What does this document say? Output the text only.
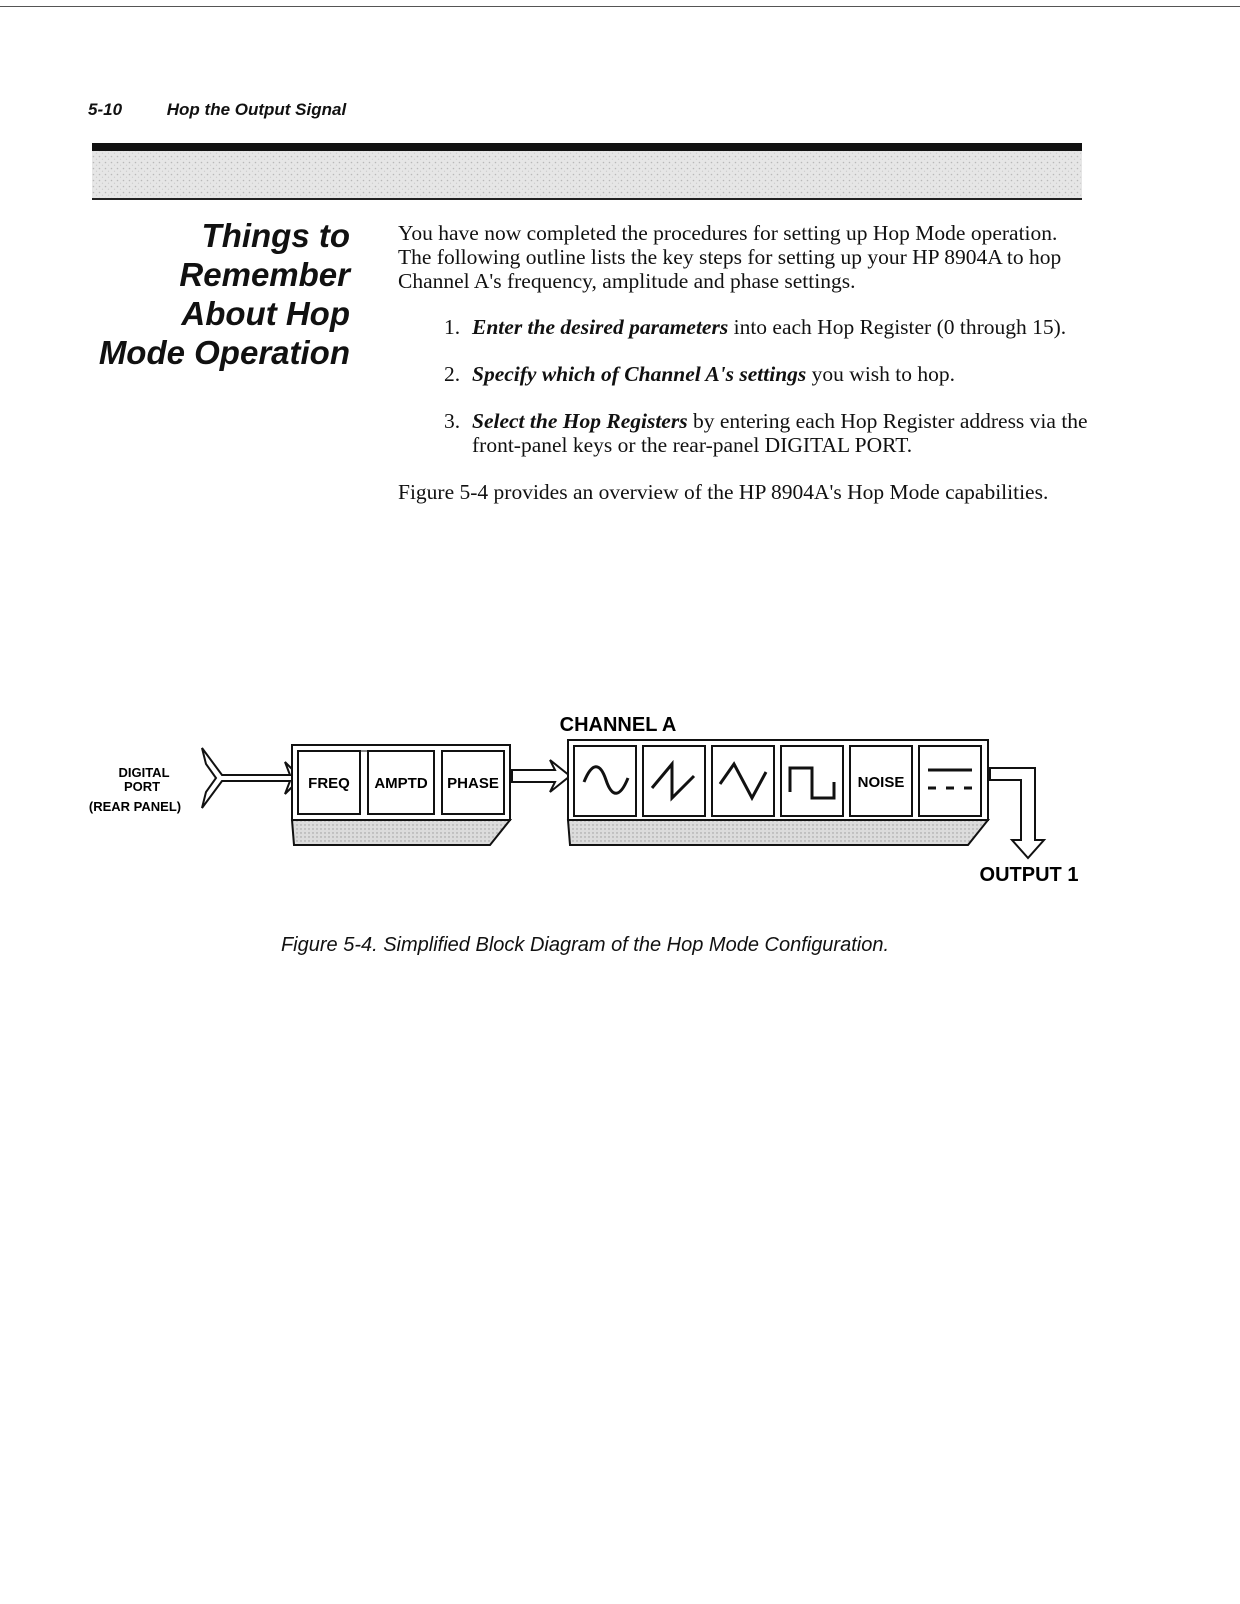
5-10	Hop the Output Signal
Things to
Remember
About Hop
Mode Operation

You have now completed the procedures for setting up Hop Mode operation. The following outline lists the key steps for setting up your HP 8904A to hop Channel A's frequency, amplitude and phase settings.

1. Enter the desired parameters into each Hop Register (0 through 15).
2. Specify which of Channel A's settings you wish to hop.
3. Select the Hop Registers by entering each Hop Register address via the front-panel keys or the rear-panel DIGITAL PORT.

Figure 5-4 provides an overview of the HP 8904A's Hop Mode capabilities.

DIGITAL
PORT
(REAR PANEL)
FREQ AMPTD PHASE
CHANNEL A
NOISE
OUTPUT 1
Figure 5-4. Simplified Block Diagram of the Hop Mode Configuration.
